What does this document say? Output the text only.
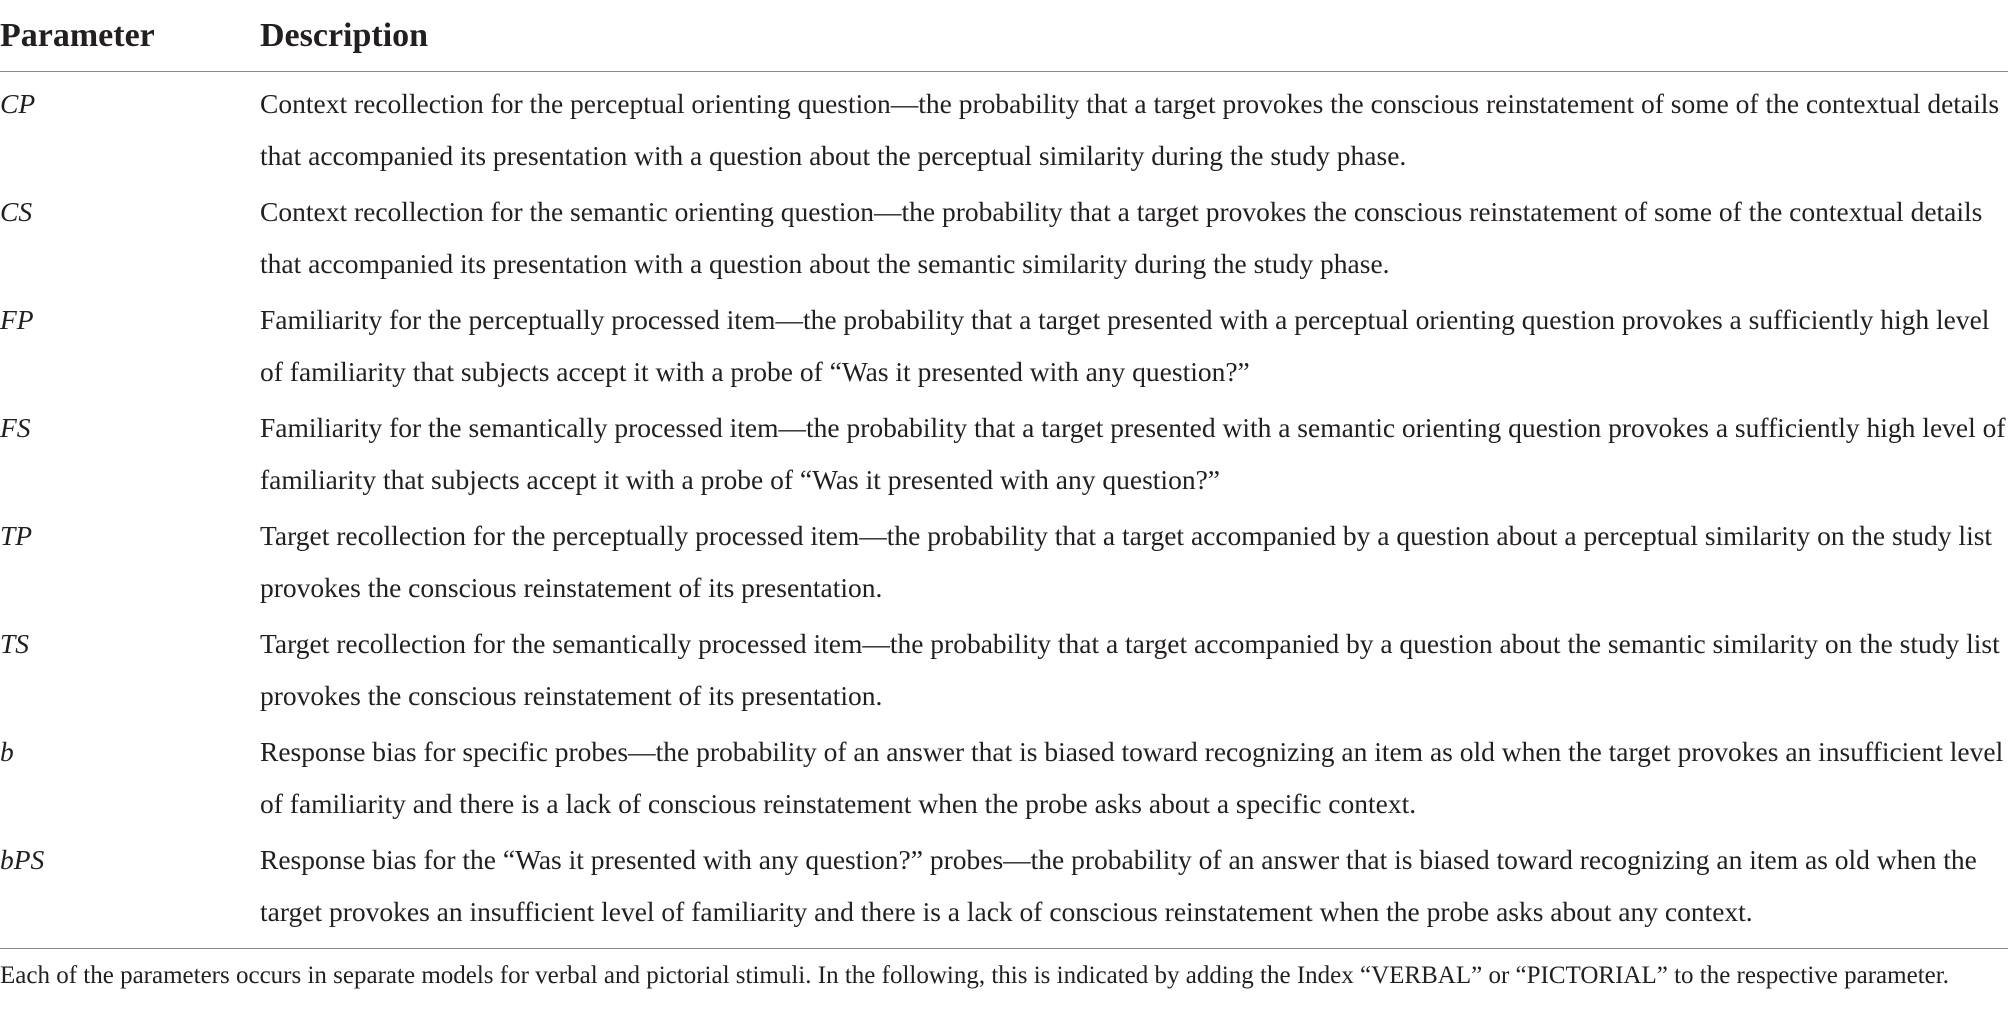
Parameter	Description
CP	Context recollection for the perceptual orienting question—the probability that a target provokes the conscious reinstatement of some of the contextual details that accompanied its presentation with a question about the perceptual similarity during the study phase.
CS	Context recollection for the semantic orienting question—the probability that a target provokes the conscious reinstatement of some of the contextual details that accompanied its presentation with a question about the semantic similarity during the study phase.
FP	Familiarity for the perceptually processed item—the probability that a target presented with a perceptual orienting question provokes a sufficiently high level of familiarity that subjects accept it with a probe of “Was it presented with any question?”
FS	Familiarity for the semantically processed item—the probability that a target presented with a semantic orienting question provokes a sufficiently high level of familiarity that subjects accept it with a probe of “Was it presented with any question?”
TP	Target recollection for the perceptually processed item—the probability that a target accompanied by a question about a perceptual similarity on the study list provokes the conscious reinstatement of its presentation.
TS	Target recollection for the semantically processed item—the probability that a target accompanied by a question about the semantic similarity on the study list provokes the conscious reinstatement of its presentation.
b	Response bias for specific probes—the probability of an answer that is biased toward recognizing an item as old when the target provokes an insufficient level of familiarity and there is a lack of conscious reinstatement when the probe asks about a specific context.
bPS	Response bias for the “Was it presented with any question?” probes—the probability of an answer that is biased toward recognizing an item as old when the target provokes an insufficient level of familiarity and there is a lack of conscious reinstatement when the probe asks about any context.
Each of the parameters occurs in separate models for verbal and pictorial stimuli. In the following, this is indicated by adding the Index “VERBAL” or “PICTORIAL” to the respective parameter.
